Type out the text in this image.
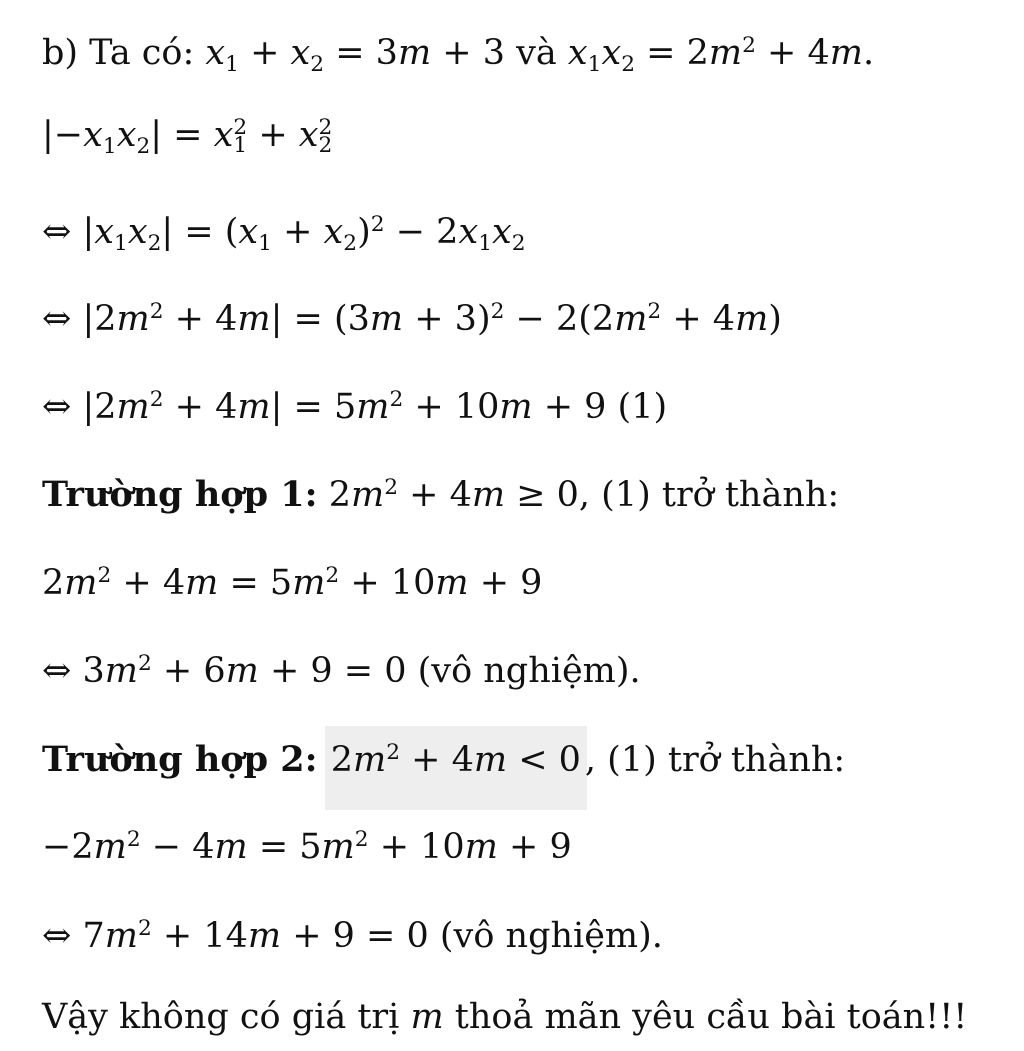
b) Ta có: $x_1 + x_2 = 3m + 3$ và $x_1x_2 = 2m^2 + 4m$.
$|-x_1x_2| = x$ 2
1 + x 2
2
⇔ $|x_1x_2| = (x_1 + x_2)^2 - 2x_1x_2$
⇔ $|2m^2 + 4m| = (3m + 3)^2 - 2(2m^2 + 4m)$
⇔ $|2m^2 + 4m| = 5m^2 + 10m + 9$ (1)
Trường hợp 1: $2m^2 + 4m \ge 0$, (1) trở thành:
$2m^2 + 4m = 5m^2 + 10m + 9$
⇔ $3m^2 + 6m + 9 = 0$ (vô nghiệm).
Trường hợp 2: $2m^2 + 4m < 0$ , (1) trở thành:
$-2m^2 - 4m = 5m^2 + 10m + 9$
⇔ $7m^2 + 14m + 9 = 0$ (vô nghiệm).
Vậy không có giá trị m thoả mãn yêu cầu bài toán!!!
